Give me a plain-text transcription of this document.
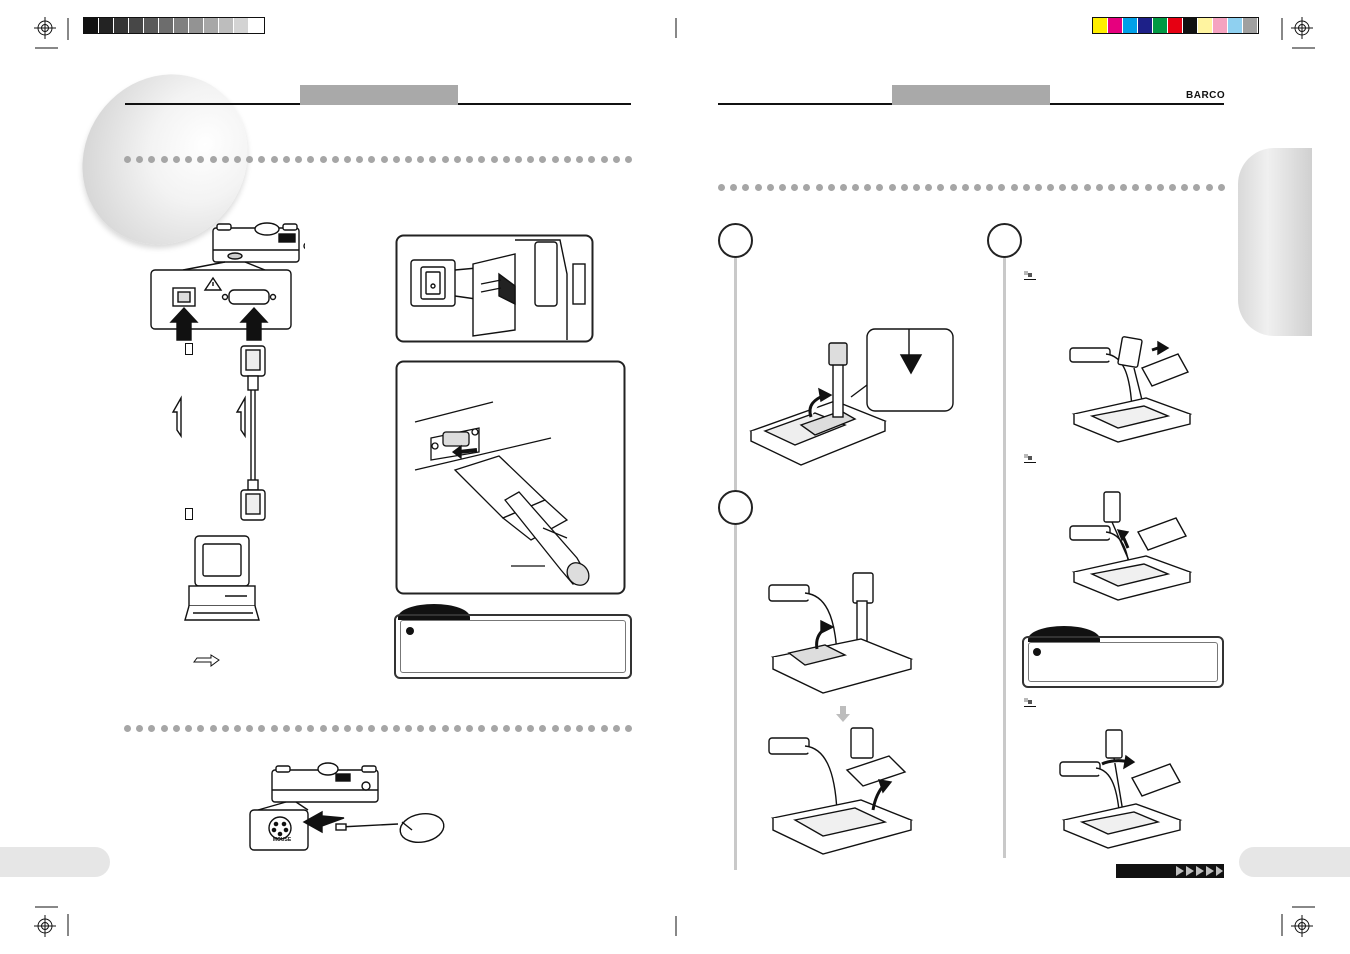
MOUSE
BARCO
